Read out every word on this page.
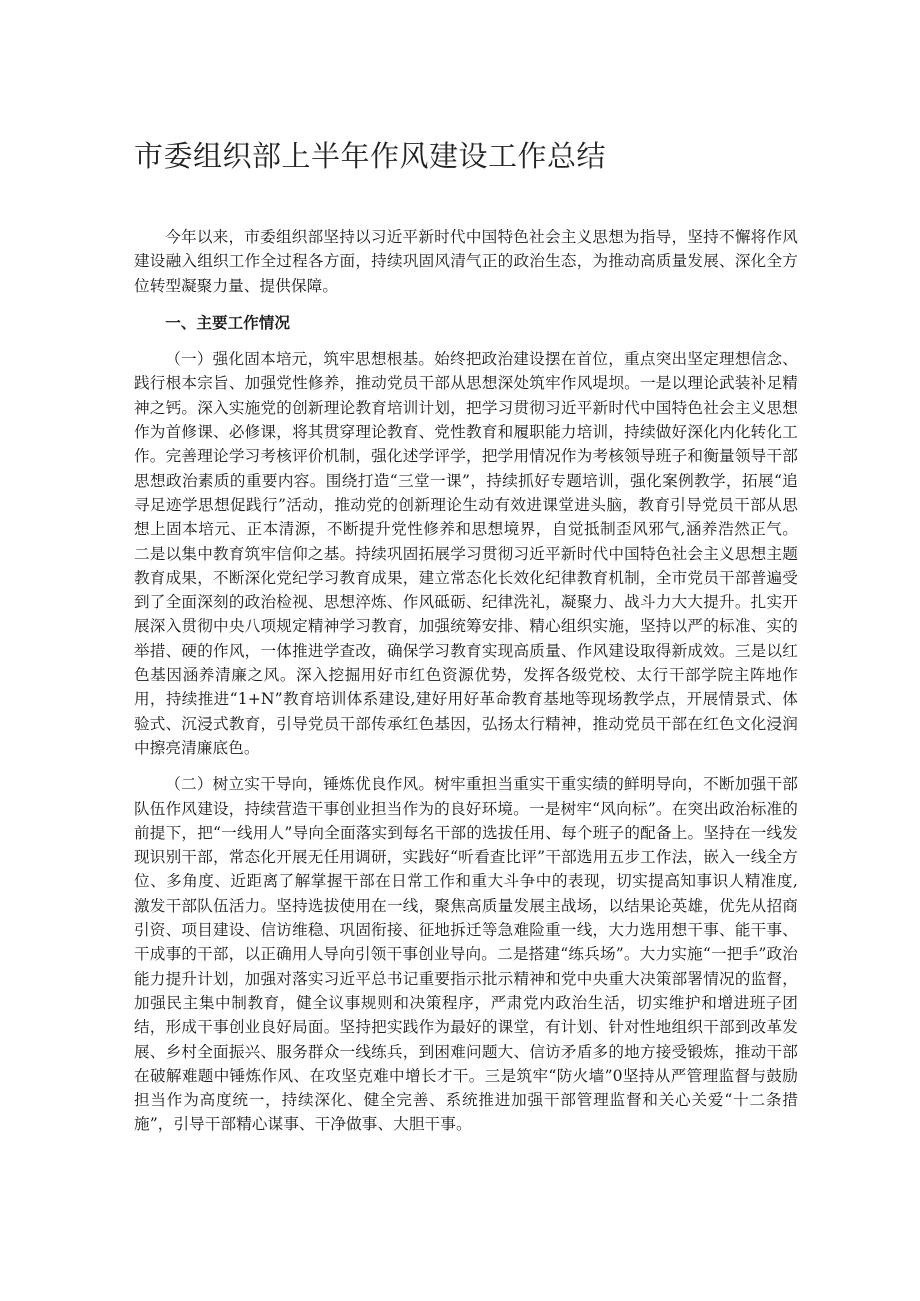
市委组织部上半年作风建设工作总结

今年以来，市委组织部坚持以习近平新时代中国特色社会主义思想为指导，坚持不懈将作风建设融入组织工作全过程各方面，持续巩固风清气正的政治生态，为推动高质量发展、深化全方位转型凝聚力量、提供保障。

一、主要工作情况

（一）强化固本培元，筑牢思想根基。始终把政治建设摆在首位，重点突出坚定理想信念、践行根本宗旨、加强党性修养，推动党员干部从思想深处筑牢作风堤坝。一是以理论武装补足精神之钙。深入实施党的创新理论教育培训计划，把学习贯彻习近平新时代中国特色社会主义思想作为首修课、必修课，将其贯穿理论教育、党性教育和履职能力培训，持续做好深化内化转化工作。完善理论学习考核评价机制，强化述学评学，把学用情况作为考核领导班子和衡量领导干部思想政治素质的重要内容。围绕打造“三堂一课”，持续抓好专题培训，强化案例教学，拓展“追寻足迹学思想促践行”活动，推动党的创新理论生动有效进课堂进头脑，教育引导党员干部从思想上固本培元、正本清源，不断提升党性修养和思想境界，自觉抵制歪风邪气,涵养浩然正气。二是以集中教育筑牢信仰之基。持续巩固拓展学习贯彻习近平新时代中国特色社会主义思想主题教育成果，不断深化党纪学习教育成果，建立常态化长效化纪律教育机制，全市党员干部普遍受到了全面深刻的政治检视、思想淬炼、作风砥砺、纪律洗礼，凝聚力、战斗力大大提升。扎实开展深入贯彻中央八项规定精神学习教育，加强统筹安排、精心组织实施，坚持以严的标准、实的举措、硬的作风，一体推进学查改，确保学习教育实现高质量、作风建设取得新成效。三是以红色基因涵养清廉之风。深入挖掘用好市红色资源优势，发挥各级党校、太行干部学院主阵地作用，持续推进“1+N”教育培训体系建设,建好用好革命教育基地等现场教学点，开展情景式、体验式、沉浸式教育，引导党员干部传承红色基因，弘扬太行精神，推动党员干部在红色文化浸润中擦亮清廉底色。

（二）树立实干导向，锤炼优良作风。树牢重担当重实干重实绩的鲜明导向，不断加强干部队伍作风建设，持续营造干事创业担当作为的良好环境。一是树牢“风向标”。在突出政治标准的前提下，把“一线用人”导向全面落实到每名干部的选拔任用、每个班子的配备上。坚持在一线发现识别干部，常态化开展无任用调研，实践好“听看查比评”干部选用五步工作法，嵌入一线全方位、多角度、近距离了解掌握干部在日常工作和重大斗争中的表现，切实提高知事识人精准度,激发干部队伍活力。坚持选拔使用在一线，聚焦高质量发展主战场，以结果论英雄，优先从招商引资、项目建设、信访维稳、巩固衔接、征地拆迁等急难险重一线，大力选用想干事、能干事、干成事的干部，以正确用人导向引领干事创业导向。二是搭建“练兵场”。大力实施“一把手”政治能力提升计划，加强对落实习近平总书记重要指示批示精神和党中央重大决策部署情况的监督，加强民主集中制教育，健全议事规则和决策程序，严肃党内政治生活，切实维护和增进班子团结，形成干事创业良好局面。坚持把实践作为最好的课堂，有计划、针对性地组织干部到改革发展、乡村全面振兴、服务群众一线练兵，到困难问题大、信访矛盾多的地方接受锻炼，推动干部在破解难题中锤炼作风、在攻坚克难中增长才干。三是筑牢“防火墙”0坚持从严管理监督与鼓励担当作为高度统一，持续深化、健全完善、系统推进加强干部管理监督和关心关爱“十二条措施”，引导干部精心谋事、干净做事、大胆干事。
